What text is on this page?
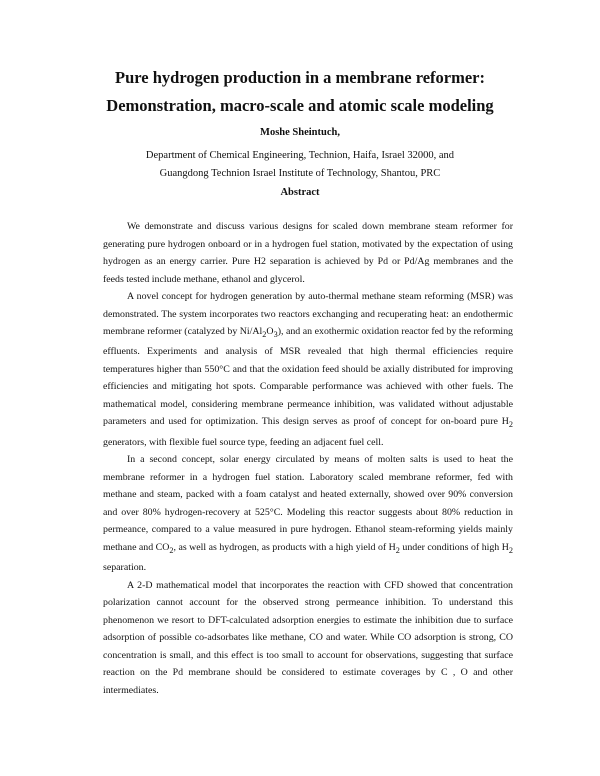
Pure hydrogen production in a membrane reformer:
Demonstration, macro-scale and atomic scale modeling

Moshe Sheintuch,

Department of Chemical Engineering, Technion, Haifa, Israel 32000, and

Guangdong Technion Israel Institute of Technology, Shantou, PRC

Abstract

We demonstrate and discuss various designs for scaled down membrane steam reformer for generating pure hydrogen onboard or in a hydrogen fuel station, motivated by the expectation of using hydrogen as an energy carrier. Pure H2 separation is achieved by Pd or Pd/Ag membranes and the feeds tested include methane, ethanol and glycerol.

A novel concept for hydrogen generation by auto-thermal methane steam reforming (MSR) was demonstrated. The system incorporates two reactors exchanging and recuperating heat: an endothermic membrane reformer (catalyzed by $Ni/Al_2O_3$), and an exothermic oxidation reactor fed by the reforming effluents. Experiments and analysis of MSR revealed that high thermal efficiencies require temperatures higher than 550°C and that the oxidation feed should be axially distributed for improving efficiencies and mitigating hot spots. Comparable performance was achieved with other fuels. The mathematical model, considering membrane permeance inhibition, was validated without adjustable parameters and used for optimization. This design serves as proof of concept for on-board pure $H_2$ generators, with flexible fuel source type, feeding an adjacent fuel cell.

In a second concept, solar energy circulated by means of molten salts is used to heat the membrane reformer in a hydrogen fuel station. Laboratory scaled membrane reformer, fed with methane and steam, packed with a foam catalyst and heated externally, showed over 90% conversion and over 80% hydrogen-recovery at 525°C. Modeling this reactor suggests about 80% reduction in permeance, compared to a value measured in pure hydrogen. Ethanol steam-reforming yields mainly methane and $CO_2$, as well as hydrogen, as products with a high yield of $H_2$ under conditions of high $H_2$ separation.

A 2-D mathematical model that incorporates the reaction with CFD showed that concentration polarization cannot account for the observed strong permeance inhibition. To understand this phenomenon we resort to DFT-calculated adsorption energies to estimate the inhibition due to surface adsorption of possible co-adsorbates like methane, CO and water. While CO adsorption is strong, CO concentration is small, and this effect is too small to account for observations, suggesting that surface reaction on the Pd membrane should be considered to estimate coverages by C , O and other intermediates.
